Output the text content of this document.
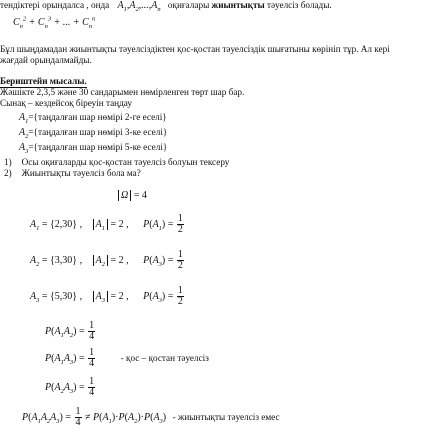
тендіктері орындалса , онда $A_1,A_2,...,A_n$ оқиғалары жиынтықты тәуелсіз болады.
$C_n^2 + C_n^3$ + ... + $C_n^n$
Бұл шыңдамадан жиынтықты тәуелсіздіктен қос-қостан тәуелсіздік шығатыны көрініп тұр. Ал кері
жағдай орындалмайды.
Бериштейн мысалы.
Жәшікте 2,3,5 және 30 сандарымен нөмірленген төрт шар бар.
Сынақ – кездейсоқ біреуін таңдау
$A_1=\{таңдалған$ шар нөмірі 2-ге еселі}
$A_2=\{таңдалған$ шар нөмірі 3-ке еселі}
$A_3=\{таңдалған$ шар нөмірі 5-ке еселі}
1) Осы оқиғаларды қос-қостан тәуелсіз болуын тексеру
2) Жиынтықты тәуелсіз бола ма?
Ω = 4
$A_1 = \{2,30\}$ , $A_1 = 2$ , $P(A_1) = \frac{1}{2}$
$A_2 = \{3,30\}$ , $A_2 = 2$ , $P(A_3) = \frac{1}{2}$
$A_3 = \{5,30\}$ , $A_3 = 2$ , $P(A_3) = \frac{1}{2}$
$P(A_1A_2) = \frac{1}{4}$
$P(A_1A_3) = \frac{1}{4}$	- қос – қостан тәуелсіз
$P(A_2A_3) = \frac{1}{4}$
$P(A_1A_2A_3) = \frac{1}{4} \ne P(A_1)\cdot P(A_2)\cdot P(A_3)$ - жиынтықты тәуелсіз емес
